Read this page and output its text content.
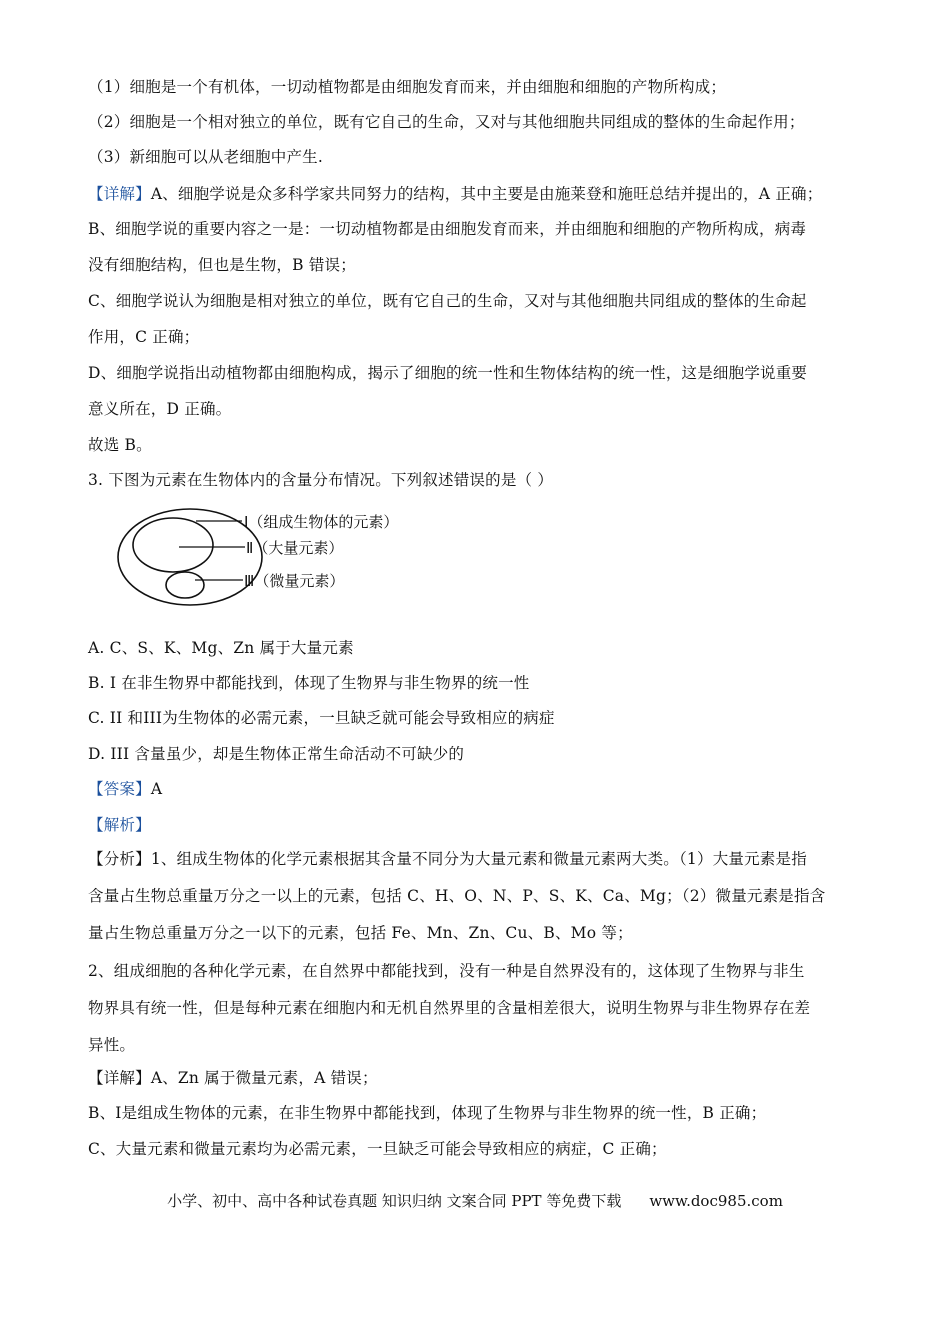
（1）细胞是一个有机体，一切动植物都是由细胞发育而来，并由细胞和细胞的产物所构成；
（2）细胞是一个相对独立的单位，既有它自己的生命，又对与其他细胞共同组成的整体的生命起作用；
（3）新细胞可以从老细胞中产生.
【详解】A、细胞学说是众多科学家共同努力的结构，其中主要是由施莱登和施旺总结并提出的，A 正确；
B、细胞学说的重要内容之一是：一切动植物都是由细胞发育而来，并由细胞和细胞的产物所构成，病毒
没有细胞结构，但也是生物，B 错误；
C、细胞学说认为细胞是相对独立的单位，既有它自己的生命，又对与其他细胞共同组成的整体的生命起
作用，C 正确；
D、细胞学说指出动植物都由细胞构成，揭示了细胞的统一性和生物体结构的统一性，这是细胞学说重要
意义所在，D 正确。
故选 B。
3. 下图为元素在生物体内的含量分布情况。下列叙述错误的是（ ）
Ⅰ（组成生物体的元素）
Ⅱ（大量元素）
Ⅲ（微量元素）
A. C、S、K、Mg、Zn 属于大量元素
B. I 在非生物界中都能找到，体现了生物界与非生物界的统一性
C. II 和III为生物体的必需元素，一旦缺乏就可能会导致相应的病症
D. III 含量虽少，却是生物体正常生命活动不可缺少的
【答案】A
【解析】
【分析】1、组成生物体的化学元素根据其含量不同分为大量元素和微量元素两大类。（1）大量元素是指
含量占生物总重量万分之一以上的元素，包括 C、H、O、N、P、S、K、Ca、Mg；（2）微量元素是指含
量占生物总重量万分之一以下的元素，包括 Fe、Mn、Zn、Cu、B、Mo 等；
2、组成细胞的各种化学元素，在自然界中都能找到，没有一种是自然界没有的，这体现了生物界与非生
物界具有统一性，但是每种元素在细胞内和无机自然界里的含量相差很大，说明生物界与非生物界存在差
异性。
【详解】A、Zn 属于微量元素，A 错误；
B、Ⅰ是组成生物体的元素，在非生物界中都能找到，体现了生物界与非生物界的统一性，B 正确；
C、大量元素和微量元素均为必需元素，一旦缺乏可能会导致相应的病症，C 正确；
小学、初中、高中各种试卷真题 知识归纳 文案合同 PPT 等免费下载 www.doc985.com
